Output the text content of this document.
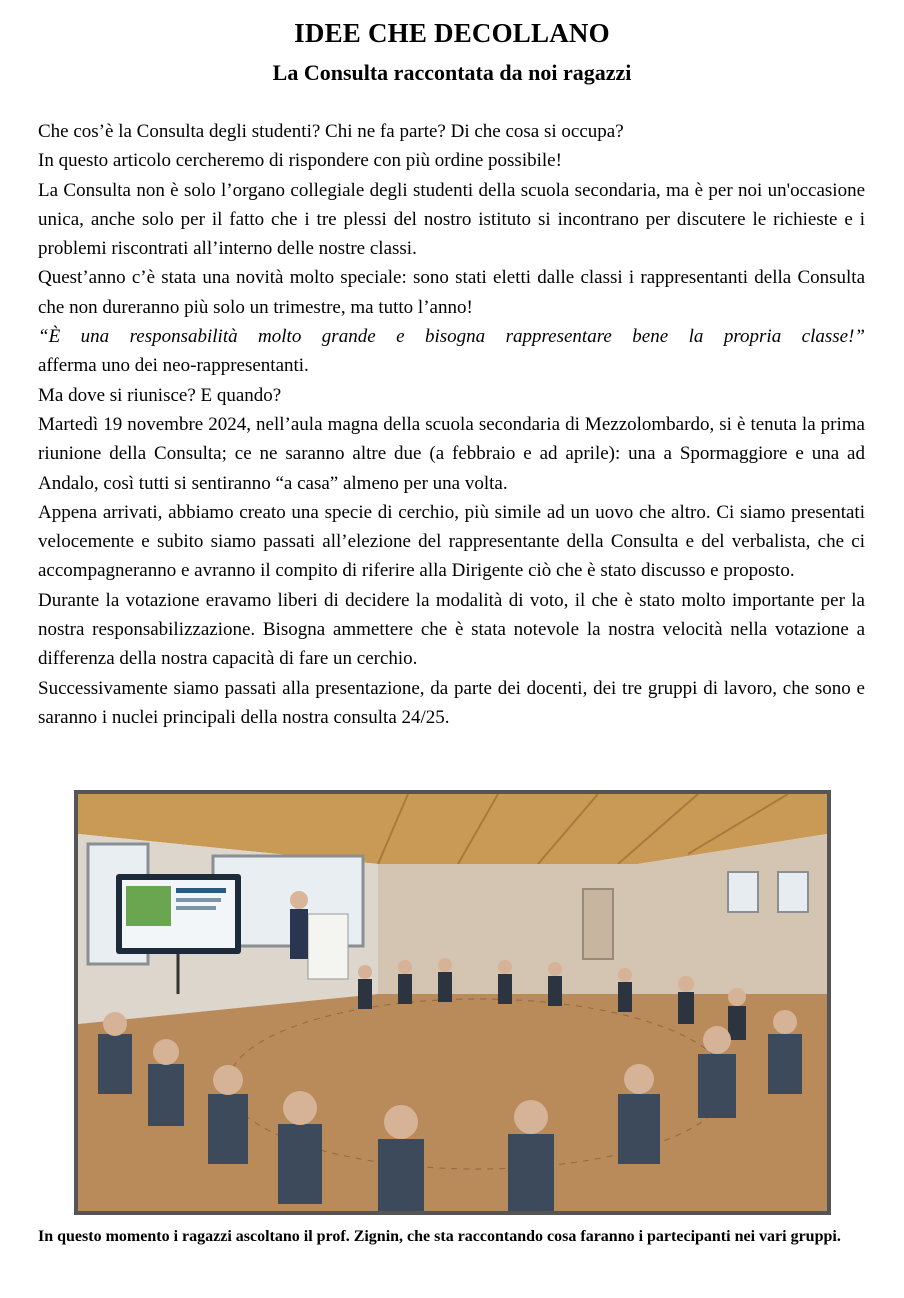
IDEE CHE DECOLLANO
La Consulta raccontata da noi ragazzi

Che cos’è la Consulta degli studenti? Chi ne fa parte? Di che cosa si occupa?

In questo articolo cercheremo di rispondere con più ordine possibile!

La Consulta non è solo l’organo collegiale degli studenti della scuola secondaria, ma è per noi un'occasione unica, anche solo per il fatto che i tre plessi del nostro istituto si incontrano per discutere le richieste e i problemi riscontrati all’interno delle nostre classi.

Quest’anno c’è stata una novità molto speciale: sono stati eletti dalle classi i rappresentanti della Consulta che non dureranno più solo un trimestre, ma tutto l’anno!

“È una responsabilità molto grande e bisogna rappresentare bene la propria classe!”

afferma uno dei neo-rappresentanti.

Ma dove si riunisce? E quando?

Martedì 19 novembre 2024, nell’aula magna della scuola secondaria di Mezzolombardo, si è tenuta la prima riunione della Consulta; ce ne saranno altre due (a febbraio e ad aprile): una a Spormaggiore e una ad Andalo, così tutti si sentiranno “a casa” almeno per una volta.

Appena arrivati, abbiamo creato una specie di cerchio, più simile ad un uovo che altro. Ci siamo presentati velocemente e subito siamo passati all’elezione del rappresentante della Consulta e del verbalista, che ci accompagneranno e avranno il compito di riferire alla Dirigente ciò che è stato discusso e proposto.

Durante la votazione eravamo liberi di decidere la modalità di voto, il che è stato molto importante per la nostra responsabilizzazione. Bisogna ammettere che è stata notevole la nostra velocità nella votazione a differenza della nostra capacità di fare un cerchio.

Successivamente siamo passati alla presentazione, da parte dei docenti, dei tre gruppi di lavoro, che sono e saranno i nuclei principali della nostra consulta 24/25.

In questo momento i ragazzi ascoltano il prof. Zignin, che sta raccontando cosa faranno i partecipanti nei vari gruppi.
